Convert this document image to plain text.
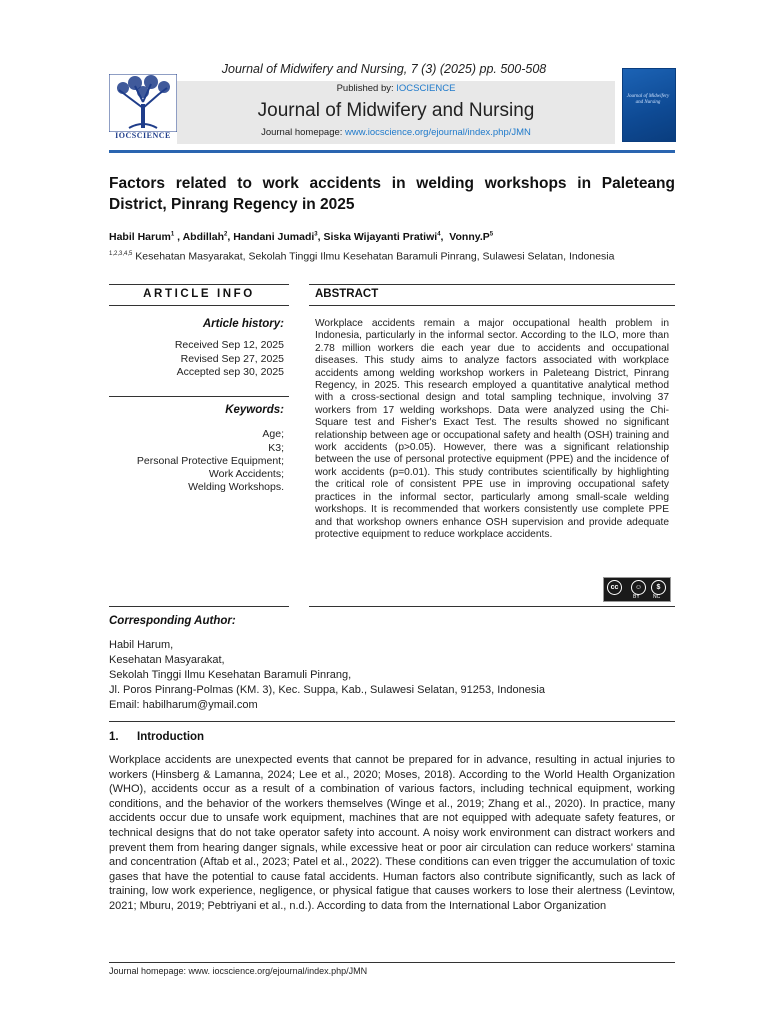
Journal of Midwifery and Nursing, 7 (3) (2025) pp. 500-508
IOCSCIENCE
Published by: IOCSCIENCE
Journal of Midwifery and Nursing
Journal homepage: www.iocscience.org/ejournal/index.php/JMN
Journal of Midwifery and Nursing
Factors related to work accidents in welding workshops in Paleteang District, Pinrang Regency in 2025
Habil Harum$^1$ , Abdillah$^2$, Handani Jumadi$^3$, Siska Wijayanti Pratiwi$^4$,  $Vonny.P^5$
$^{1,2,3,4,5}$ Kesehatan Masyarakat, Sekolah Tinggi Ilmu Kesehatan Baramuli Pinrang, Sulawesi Selatan, Indonesia
ARTICLE INFO	ABSTRACT
Article history:
Received Sep 12, 2025
Revised Sep 27, 2025
Accepted sep 30, 2025
Keywords:
Age;
K3;
Personal Protective Equipment;
Work Accidents;
Welding Workshops.
Workplace accidents remain a major occupational health problem in Indonesia, particularly in the informal sector. According to the ILO, more than 2.78 million workers die each year due to accidents and occupational diseases. This study aims to analyze factors associated with workplace accidents among welding workshop workers in Paleteang District, Pinrang Regency, in 2025. This research employed a quantitative analytical method with a cross-sectional design and total sampling technique, involving 37 workers from 17 welding workshops. Data were analyzed using the Chi-Square test and Fisher's Exact Test. The results showed no significant relationship between age or occupational safety and health (OSH) training and work accidents (p>0.05). However, there was a significant relationship between the use of personal protective equipment (PPE) and the incidence of work accidents (p=0.01). This study contributes scientifically by highlighting the critical role of consistent PPE use in improving occupational safety practices in the informal sector, particularly among small-scale welding workshops. It is recommended that workers consistently use complete PPE and that workshop owners enhance OSH supervision and provide adequate protective equipment to reduce workplace accidents.
cc	☺	$
BY	NC
Corresponding Author:
Habil Harum,
Kesehatan Masyarakat,
Sekolah Tinggi Ilmu Kesehatan Baramuli Pinrang,
Jl. Poros Pinrang-Polmas (KM. 3), Kec. Suppa, Kab., Sulawesi Selatan, 91253, Indonesia
Email: habilharum@ymail.com
1. Introduction
Workplace accidents are unexpected events that cannot be prepared for in advance, resulting in actual injuries to workers (Hinsberg & Lamanna, 2024; Lee et al., 2020; Moses, 2018). According to the World Health Organization (WHO), accidents occur as a result of a combination of various factors, including technical equipment, working conditions, and the behavior of the workers themselves (Winge et al., 2019; Zhang et al., 2020). In practice, many accidents occur due to unsafe work equipment, machines that are not equipped with adequate safety features, or technical designs that do not take operator safety into account. A noisy work environment can distract workers and prevent them from hearing danger signals, while excessive heat or poor air circulation can reduce workers' stamina and concentration (Aftab et al., 2023; Patel et al., 2022). These conditions can even trigger the accumulation of toxic gases that have the potential to cause fatal accidents. Human factors also contribute significantly, such as lack of training, low work experience, negligence, or physical fatigue that causes workers to lose their alertness (Levintow, 2021; Mburu, 2019; Pebtriyani et al., n.d.). According to data from the International Labor Organization
Journal homepage: www. iocscience.org/ejournal/index.php/JMN
